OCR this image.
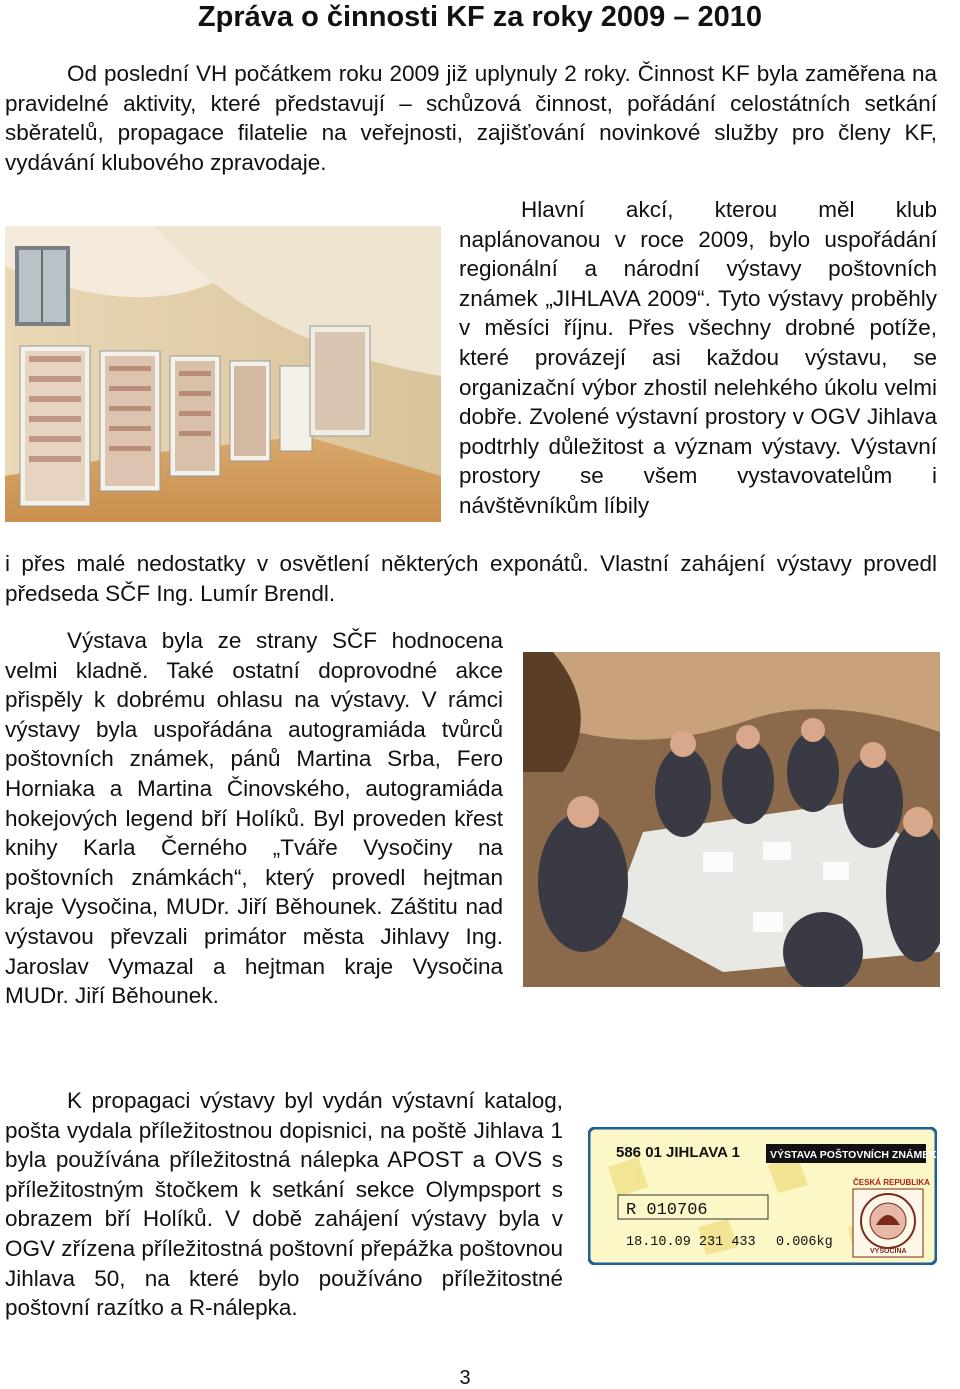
Zpráva o činnosti KF za roky 2009 – 2010

Od poslední VH počátkem roku 2009 již uplynuly 2 roky. Činnost KF byla zaměřena na pravidelné aktivity, které představují – schůzová činnost, pořádání celostátních setkání sběratelů, propagace filatelie na veřejnosti, zajišťování novinkové služby pro členy KF, vydávání klubového zpravodaje.

Hlavní akcí, kterou měl klub naplánovanou v roce 2009, bylo uspořádání regionální a národní výstavy poštovních známek „JIHLAVA 2009“. Tyto výstavy proběhly v měsíci říjnu. Přes všechny drobné potíže, které provázejí asi každou výstavu, se organizační výbor zhostil nelehkého úkolu velmi dobře. Zvolené výstavní prostory v OGV Jihlava podtrhly důležitost a význam výstavy. Výstavní prostory se všem vystavovatelům i návštěvníkům líbily

i přes malé nedostatky v osvětlení některých exponátů. Vlastní zahájení výstavy provedl předseda SČF Ing. Lumír Brendl.

Výstava byla ze strany SČF hodnocena velmi kladně. Také ostatní doprovodné akce přispěly k dobrému ohlasu na výstavy. V rámci výstavy byla uspořádána autogramiáda tvůrců poštovních známek, pánů Martina Srba, Fero Horniaka a Martina Činovského, autogramiáda hokejových legend bří Holíků. Byl proveden křest knihy Karla Černého „Tváře Vysočiny na poštovních známkách“, který provedl hejtman kraje Vysočina, MUDr. Jiří Běhounek. Záštitu nad výstavou převzali primátor města Jihlavy Ing. Jaroslav Vymazal a hejtman kraje Vysočina MUDr. Jiří Běhounek.

K propagaci výstavy byl vydán výstavní katalog, pošta vydala příležitostnou dopisnici, na poště Jihlava 1 byla používána příležitostná nálepka APOST a OVS s příležitostným štočkem k setkání sekce Olympsport s obrazem bří Holíků. V době zahájení výstavy byla v OGV zřízena příležitostná poštovní přepážka poštovnou Jihlava 50, na které bylo používáno příležitostné poštovní razítko a R-nálepka.

586 01 JIHLAVA 1	VÝSTAVA POŠTOVNÍCH ZNÁMEK
ČESKÁ REPUBLIKA
R 010706
18.10.09 231 433 0.006kg
VYSOČINA
3
